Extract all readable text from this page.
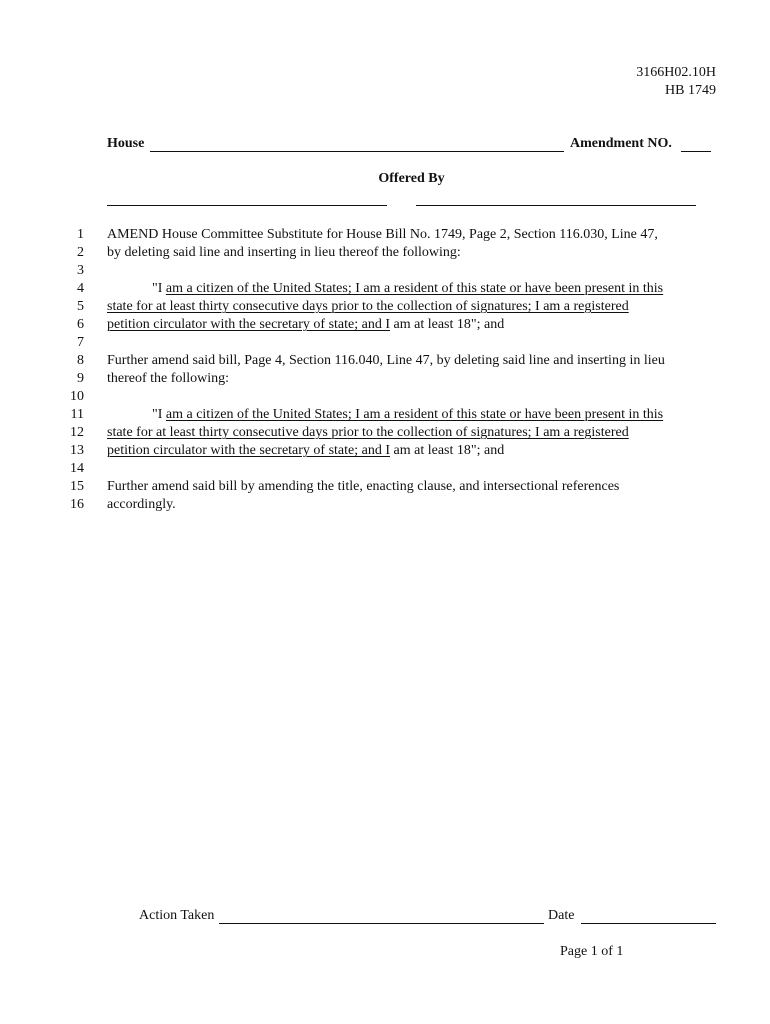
3166H02.10H
HB 1749
House	Amendment NO.
Offered By
1 AMEND House Committee Substitute for House Bill No. 1749, Page 2, Section 116.030, Line 47,
2 by deleting said line and inserting in lieu thereof the following:
3
4	"I am a citizen of the United States; I am a resident of this state or have been present in this
5 state for at least thirty consecutive days prior to the collection of signatures; I am a registered
6 petition circulator with the secretary of state; and I am at least 18"; and
7
8 Further amend said bill, Page 4, Section 116.040, Line 47, by deleting said line and inserting in lieu
9 thereof the following:
10
11	"I am a citizen of the United States; I am a resident of this state or have been present in this
12 state for at least thirty consecutive days prior to the collection of signatures; I am a registered
13 petition circulator with the secretary of state; and I am at least 18"; and
14
15 Further amend said bill by amending the title, enacting clause, and intersectional references
16 accordingly.
Action Taken	Date
Page 1 of 1
